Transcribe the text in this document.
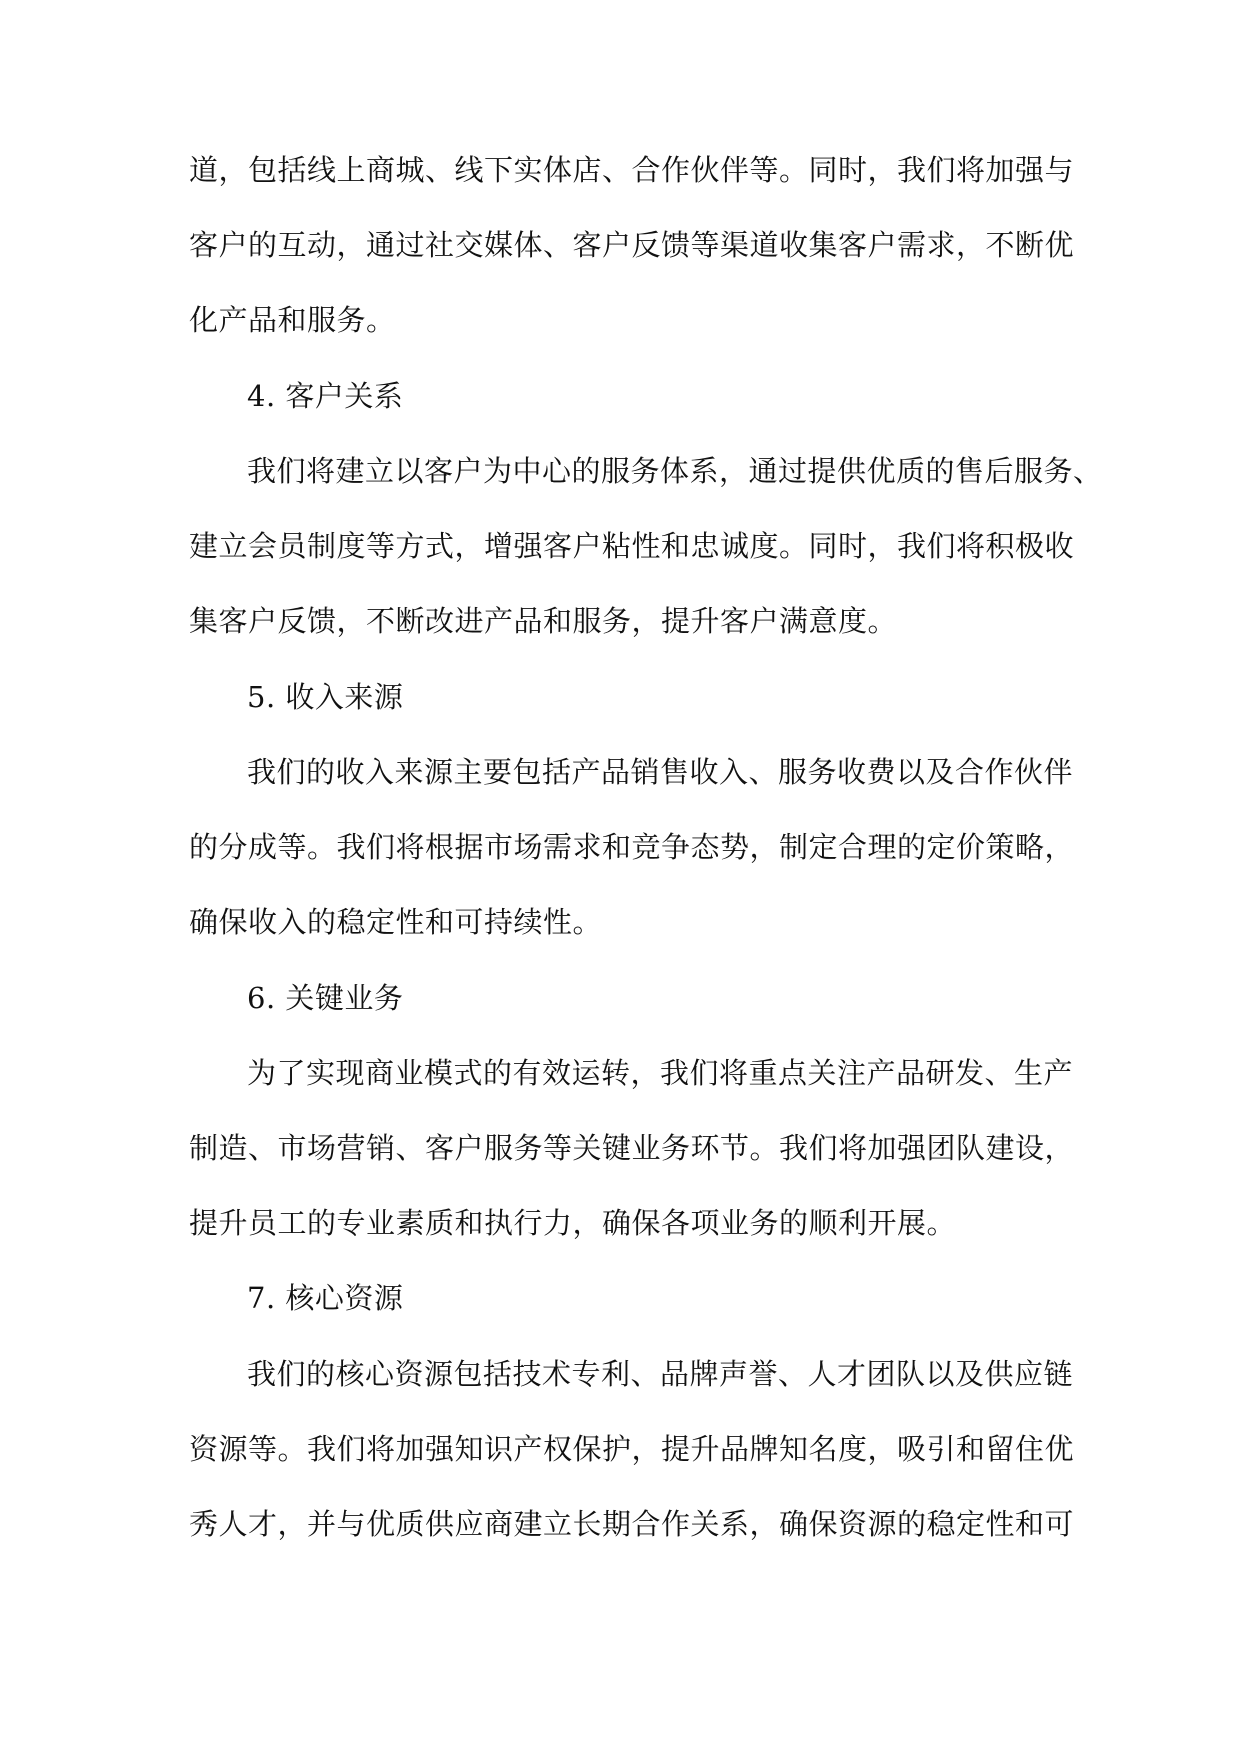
道，包括线上商城、线下实体店、合作伙伴等。同时，我们将加强与
客户的互动，通过社交媒体、客户反馈等渠道收集客户需求，不断优
化产品和服务。
4. 客户关系
我们将建立以客户为中心的服务体系，通过提供优质的售后服务、
建立会员制度等方式，增强客户粘性和忠诚度。同时，我们将积极收
集客户反馈，不断改进产品和服务，提升客户满意度。
5. 收入来源
我们的收入来源主要包括产品销售收入、服务收费以及合作伙伴
的分成等。我们将根据市场需求和竞争态势，制定合理的定价策略，
确保收入的稳定性和可持续性。
6. 关键业务
为了实现商业模式的有效运转，我们将重点关注产品研发、生产
制造、市场营销、客户服务等关键业务环节。我们将加强团队建设，
提升员工的专业素质和执行力，确保各项业务的顺利开展。
7. 核心资源
我们的核心资源包括技术专利、品牌声誉、人才团队以及供应链
资源等。我们将加强知识产权保护，提升品牌知名度，吸引和留住优
秀人才，并与优质供应商建立长期合作关系，确保资源的稳定性和可
